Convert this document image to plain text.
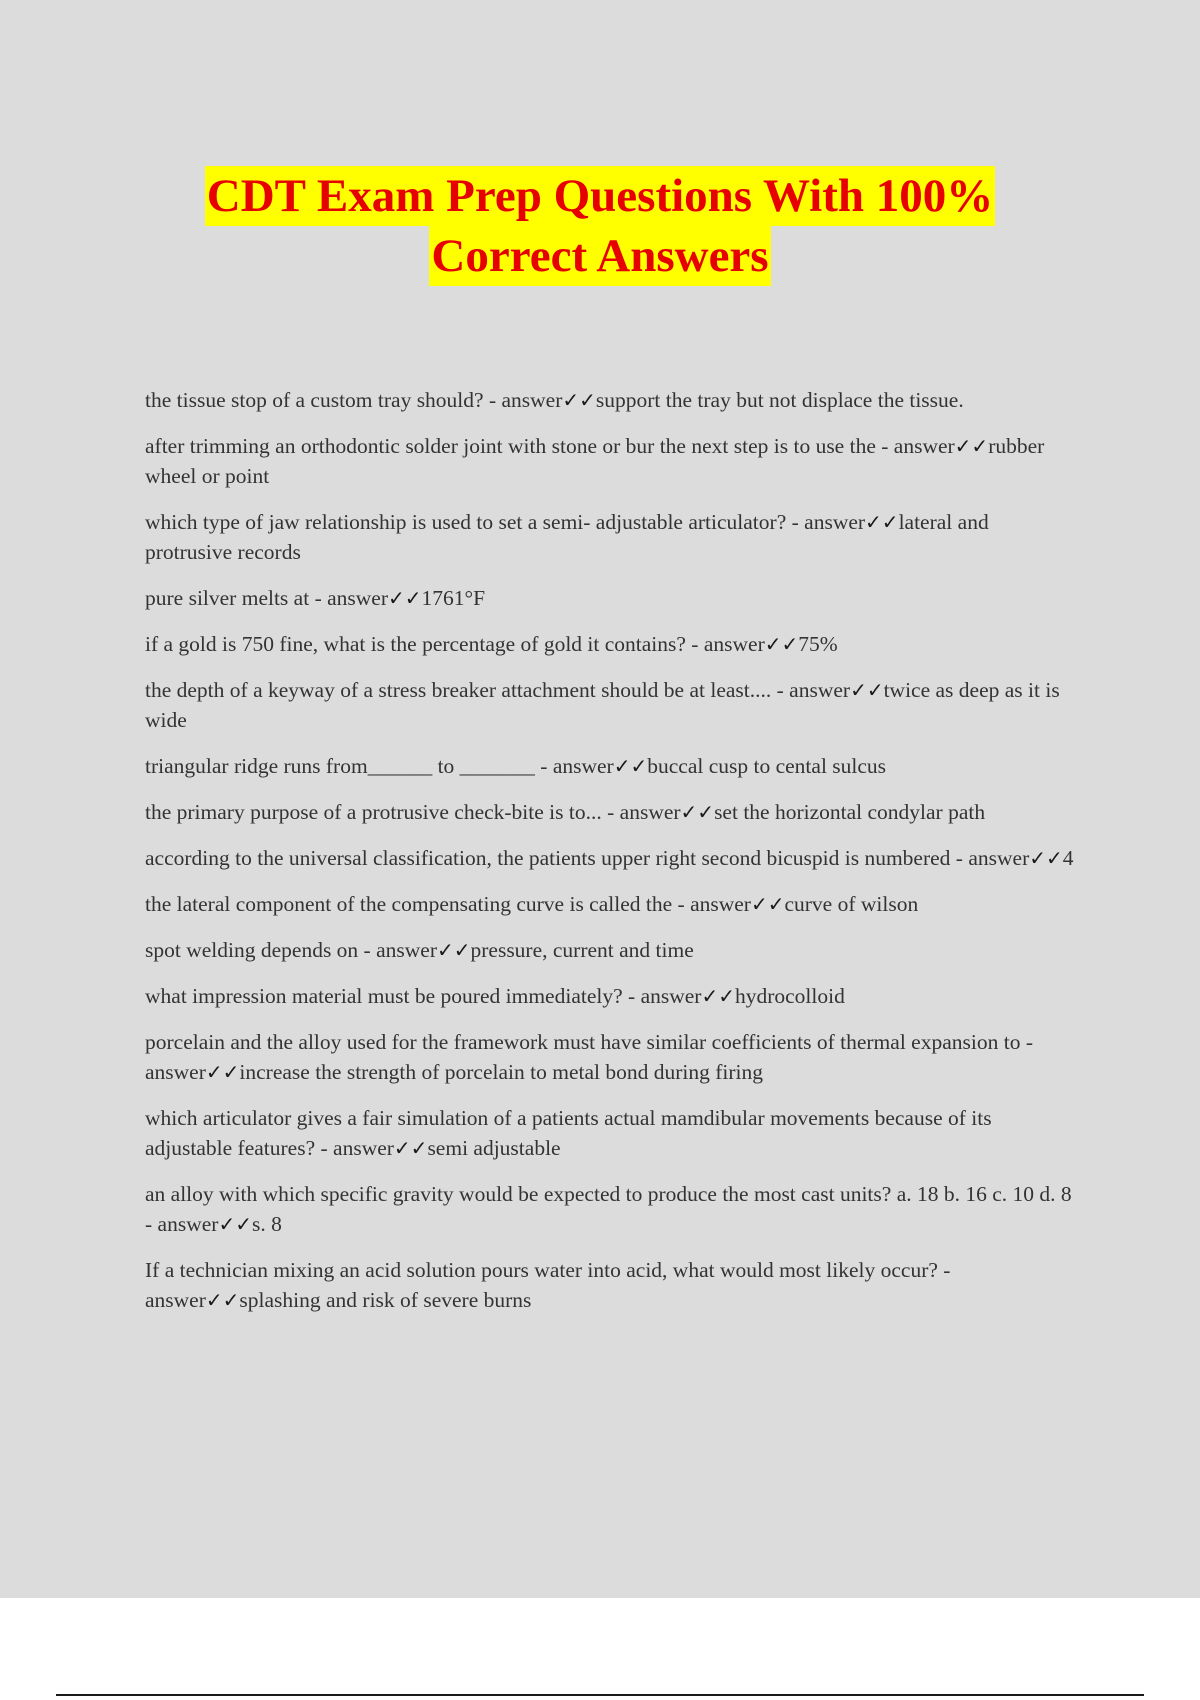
CDT Exam Prep Questions With 100%
Correct Answers
the tissue stop of a custom tray should? - answer✓✓support the tray but not displace the tissue.
after trimming an orthodontic solder joint with stone or bur the next step is to use the - answer✓✓rubber wheel or point
which type of jaw relationship is used to set a semi- adjustable articulator? - answer✓✓lateral and protrusive records
pure silver melts at - answer✓✓1761°F
if a gold is 750 fine, what is the percentage of gold it contains? - answer✓✓75%
the depth of a keyway of a stress breaker attachment should be at least.... - answer✓✓twice as deep as it is wide
triangular ridge runs from______ to _______ - answer✓✓buccal cusp to cental sulcus
the primary purpose of a protrusive check-bite is to... - answer✓✓set the horizontal condylar path
according to the universal classification, the patients upper right second bicuspid is numbered - answer✓✓4
the lateral component of the compensating curve is called the - answer✓✓curve of wilson
spot welding depends on - answer✓✓pressure, current and time
what impression material must be poured immediately? - answer✓✓hydrocolloid
porcelain and the alloy used for the framework must have similar coefficients of thermal expansion to - answer✓✓increase the strength of porcelain to metal bond during firing
which articulator gives a fair simulation of a patients actual mamdibular movements because of its adjustable features? - answer✓✓semi adjustable
an alloy with which specific gravity would be expected to produce the most cast units? a. 18 b. 16 c. 10 d. 8 - answer✓✓s. 8
If a technician mixing an acid solution pours water into acid, what would most likely occur? - answer✓✓splashing and risk of severe burns
